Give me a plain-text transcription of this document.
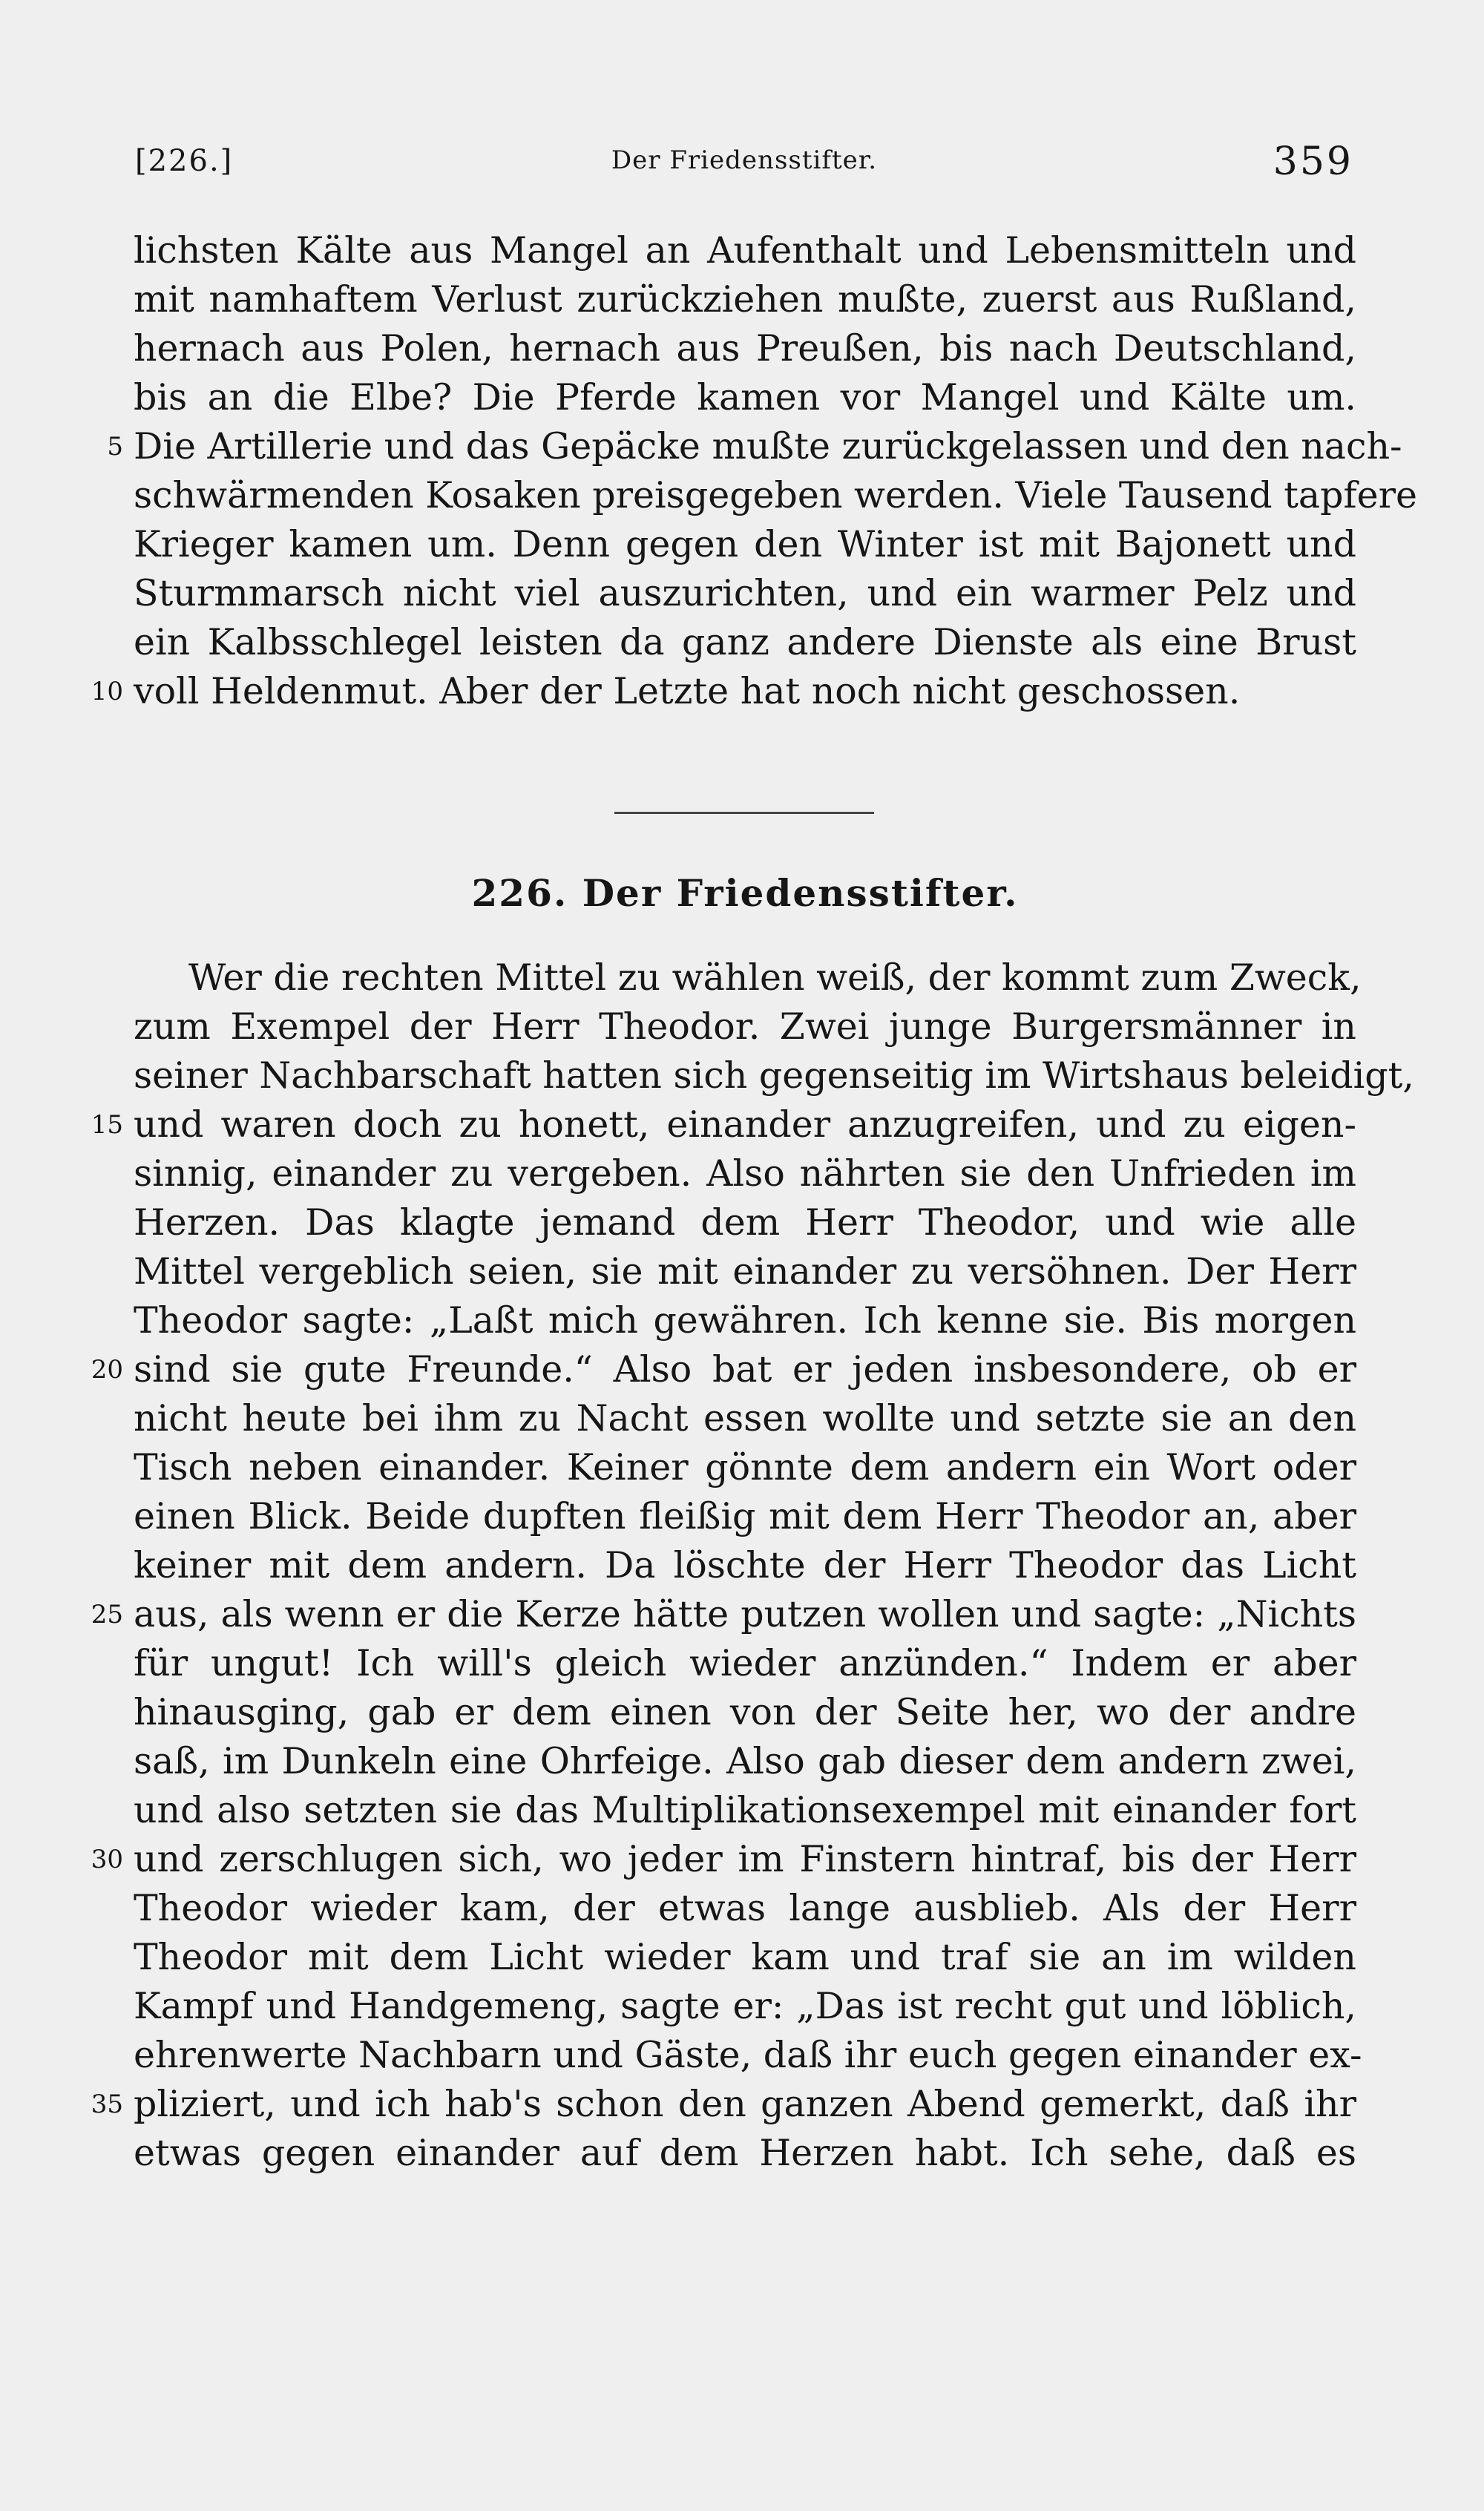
[226.]	Der Friedensstifter.	359
226. Der Friedensstifter.
lichsten Kälte aus Mangel an Aufenthalt und Lebensmitteln und
mit namhaftem Verlust zurückziehen mußte, zuerst aus Rußland,
hernach aus Polen, hernach aus Preußen, bis nach Deutschland,
bis an die Elbe? Die Pferde kamen vor Mangel und Kälte um.
Die Artillerie und das Gepäcke mußte zurückgelassen und den nach-
5
schwärmenden Kosaken preisgegeben werden. Viele Tausend tapfere
Krieger kamen um. Denn gegen den Winter ist mit Bajonett und
Sturmmarsch nicht viel auszurichten, und ein warmer Pelz und
ein Kalbsschlegel leisten da ganz andere Dienste als eine Brust
voll Heldenmut. Aber der Letzte hat noch nicht geschossen.
10
Wer die rechten Mittel zu wählen weiß, der kommt zum Zweck,
zum Exempel der Herr Theodor. Zwei junge Burgersmänner in
seiner Nachbarschaft hatten sich gegenseitig im Wirtshaus beleidigt,
und waren doch zu honett, einander anzugreifen, und zu eigen-
15
sinnig, einander zu vergeben. Also nährten sie den Unfrieden im
Herzen. Das klagte jemand dem Herr Theodor, und wie alle
Mittel vergeblich seien, sie mit einander zu versöhnen. Der Herr
Theodor sagte: „Laßt mich gewähren. Ich kenne sie. Bis morgen
sind sie gute Freunde.“ Also bat er jeden insbesondere, ob er
20
nicht heute bei ihm zu Nacht essen wollte und setzte sie an den
Tisch neben einander. Keiner gönnte dem andern ein Wort oder
einen Blick. Beide dupften fleißig mit dem Herr Theodor an, aber
keiner mit dem andern. Da löschte der Herr Theodor das Licht
aus, als wenn er die Kerze hätte putzen wollen und sagte: „Nichts
25
für ungut! Ich will's gleich wieder anzünden.“ Indem er aber
hinausging, gab er dem einen von der Seite her, wo der andre
saß, im Dunkeln eine Ohrfeige. Also gab dieser dem andern zwei,
und also setzten sie das Multiplikationsexempel mit einander fort
und zerschlugen sich, wo jeder im Finstern hintraf, bis der Herr
30
Theodor wieder kam, der etwas lange ausblieb. Als der Herr
Theodor mit dem Licht wieder kam und traf sie an im wilden
Kampf und Handgemeng, sagte er: „Das ist recht gut und löblich,
ehrenwerte Nachbarn und Gäste, daß ihr euch gegen einander ex-
pliziert, und ich hab's schon den ganzen Abend gemerkt, daß ihr
35
etwas gegen einander auf dem Herzen habt. Ich sehe, daß es
